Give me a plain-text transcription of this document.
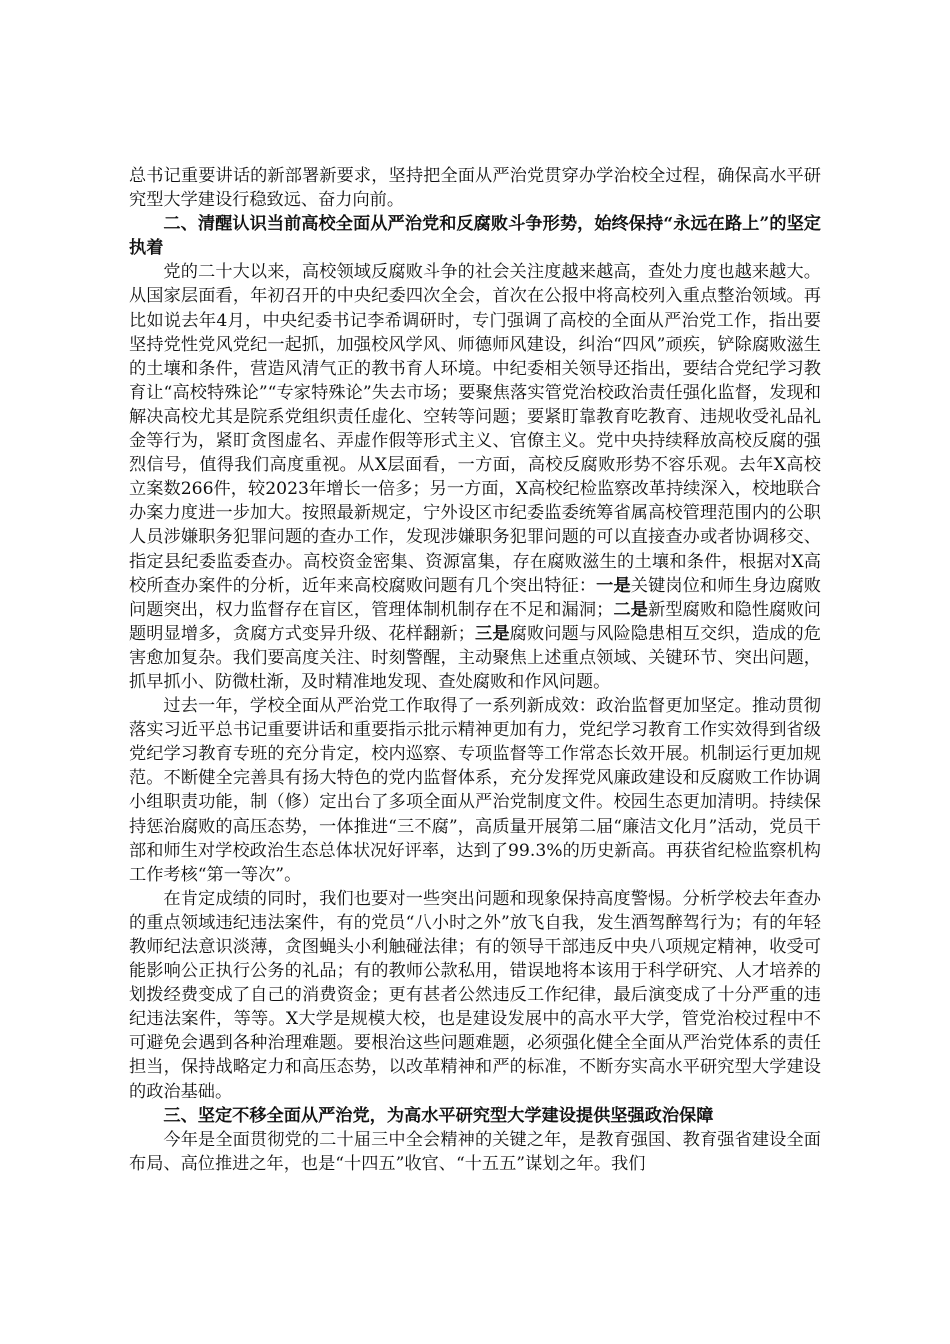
总书记重要讲话的新部署新要求，坚持把全面从严治党贯穿办学治校全过程，确保高水平研究型大学建设行稳致远、奋力向前。

二、清醒认识当前高校全面从严治党和反腐败斗争形势，始终保持“永远在路上”的坚定执着

党的二十大以来，高校领域反腐败斗争的社会关注度越来越高，查处力度也越来越大。从国家层面看，年初召开的中央纪委四次全会，首次在公报中将高校列入重点整治领域。再比如说去年4月，中央纪委书记李希调研时，专门强调了高校的全面从严治党工作，指出要坚持党性党风党纪一起抓，加强校风学风、师德师风建设，纠治“四风”顽疾，铲除腐败滋生的土壤和条件，营造风清气正的教书育人环境。中纪委相关领导还指出，要结合党纪学习教育让“高校特殊论”“专家特殊论”失去市场；要聚焦落实管党治校政治责任强化监督，发现和解决高校尤其是院系党组织责任虚化、空转等问题；要紧盯靠教育吃教育、违规收受礼品礼金等行为，紧盯贪图虚名、弄虚作假等形式主义、官僚主义。党中央持续释放高校反腐的强烈信号，值得我们高度重视。从X层面看，一方面，高校反腐败形势不容乐观。去年X高校立案数266件，较2023年增长一倍多；另一方面，X高校纪检监察改革持续深入，校地联合办案力度进一步加大。按照最新规定，宁外设区市纪委监委统筹省属高校管理范围内的公职人员涉嫌职务犯罪问题的查办工作，发现涉嫌职务犯罪问题的可以直接查办或者协调移交、指定县纪委监委查办。高校资金密集、资源富集，存在腐败滋生的土壤和条件，根据对X高校所查办案件的分析，近年来高校腐败问题有几个突出特征：一是关键岗位和师生身边腐败问题突出，权力监督存在盲区，管理体制机制存在不足和漏洞；二是新型腐败和隐性腐败问题明显增多，贪腐方式变异升级、花样翻新；三是腐败问题与风险隐患相互交织，造成的危害愈加复杂。我们要高度关注、时刻警醒，主动聚焦上述重点领域、关键环节、突出问题，抓早抓小、防微杜渐，及时精准地发现、查处腐败和作风问题。

过去一年，学校全面从严治党工作取得了一系列新成效：政治监督更加坚定。推动贯彻落实习近平总书记重要讲话和重要指示批示精神更加有力，党纪学习教育工作实效得到省级党纪学习教育专班的充分肯定，校内巡察、专项监督等工作常态长效开展。机制运行更加规范。不断健全完善具有扬大特色的党内监督体系，充分发挥党风廉政建设和反腐败工作协调小组职责功能，制（修）定出台了多项全面从严治党制度文件。校园生态更加清明。持续保持惩治腐败的高压态势，一体推进“三不腐”，高质量开展第二届“廉洁文化月”活动，党员干部和师生对学校政治生态总体状况好评率，达到了99.3%的历史新高。再获省纪检监察机构工作考核“第一等次”。

在肯定成绩的同时，我们也要对一些突出问题和现象保持高度警惕。分析学校去年查办的重点领域违纪违法案件，有的党员“八小时之外”放飞自我，发生酒驾醉驾行为；有的年轻教师纪法意识淡薄，贪图蝇头小利触碰法律；有的领导干部违反中央八项规定精神，收受可能影响公正执行公务的礼品；有的教师公款私用，错误地将本该用于科学研究、人才培养的划拨经费变成了自己的消费资金；更有甚者公然违反工作纪律，最后演变成了十分严重的违纪违法案件，等等。X大学是规模大校，也是建设发展中的高水平大学，管党治校过程中不可避免会遇到各种治理难题。要根治这些问题难题，必须强化健全全面从严治党体系的责任担当，保持战略定力和高压态势，以改革精神和严的标准，不断夯实高水平研究型大学建设的政治基础。

三、坚定不移全面从严治党，为高水平研究型大学建设提供坚强政治保障

今年是全面贯彻党的二十届三中全会精神的关键之年，是教育强国、教育强省建设全面布局、高位推进之年，也是“十四五”收官、“十五五”谋划之年。我们
